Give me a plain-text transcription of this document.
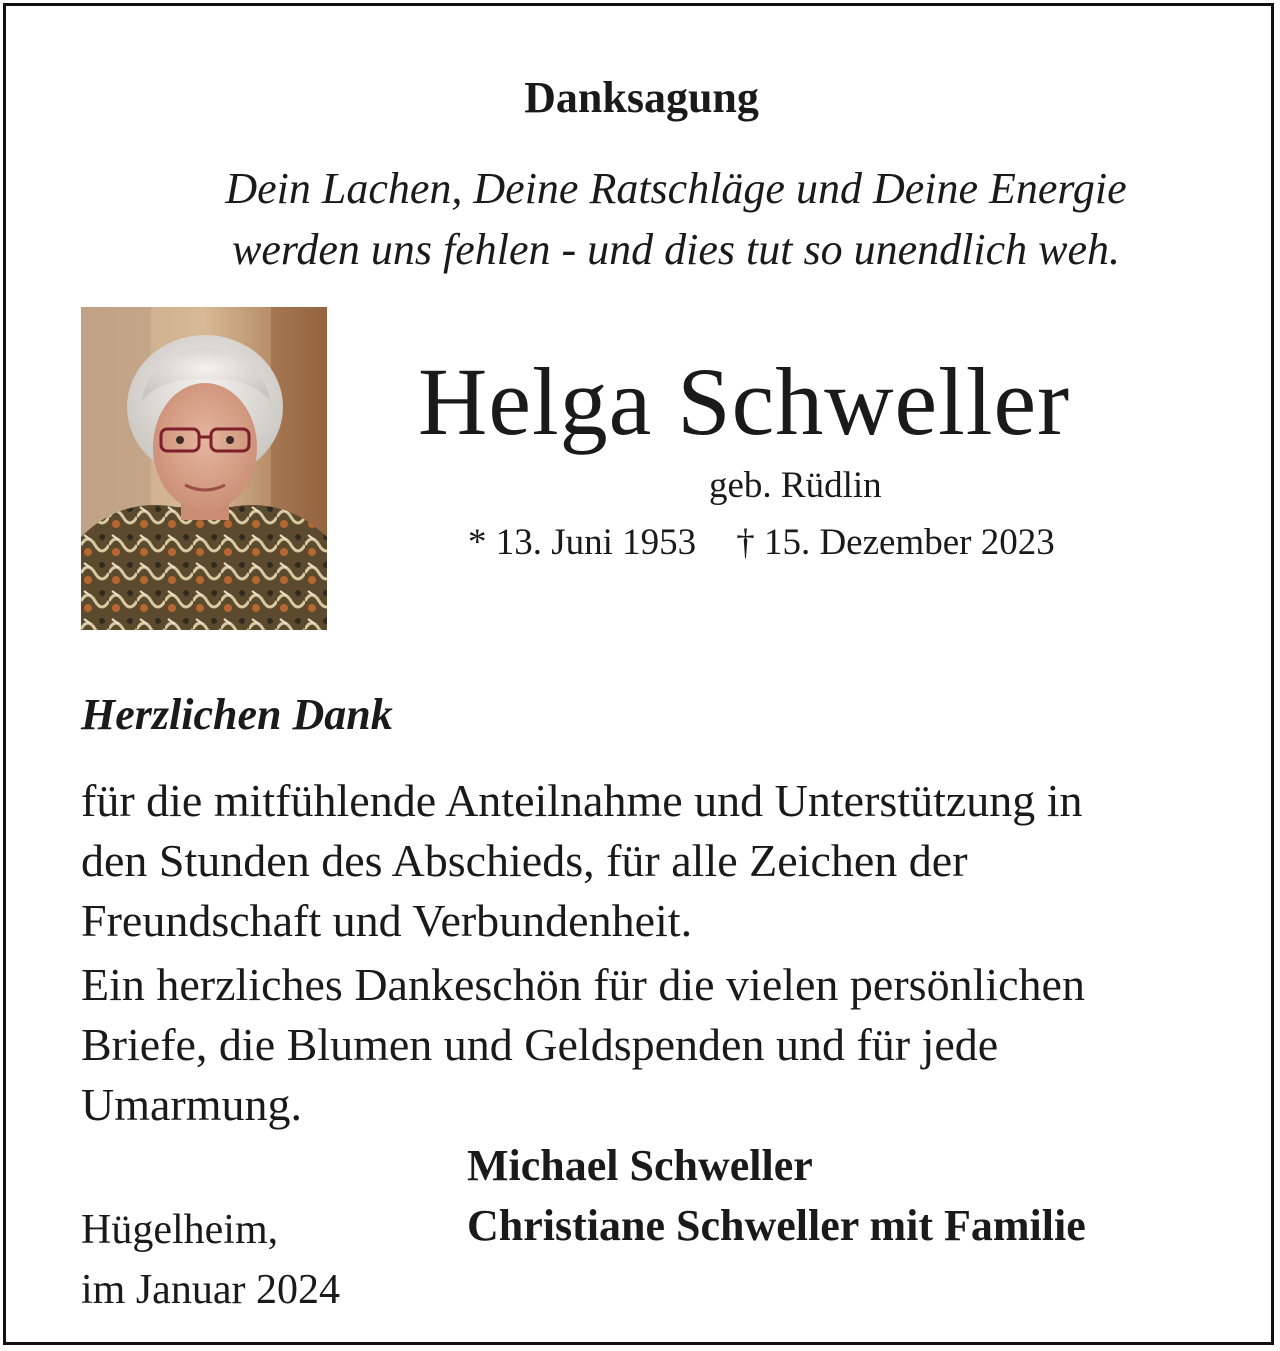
Danksagung

Dein Lachen, Deine Ratschläge und Deine Energie

werden uns fehlen - und dies tut so unendlich weh.

Helga Schweller

geb. Rüdlin

* 13. Juni 1953 † 15. Dezember 2023

Herzlichen Dank

für die mitfühlende Anteilnahme und Unterstützung in

den Stunden des Abschieds, für alle Zeichen der

Freundschaft und Verbundenheit.

Ein herzliches Dankeschön für die vielen persönlichen

Briefe, die Blumen und Geldspenden und für jede

Umarmung.

Michael Schweller

Christiane Schweller mit Familie

Hügelheim,

im Januar 2024
